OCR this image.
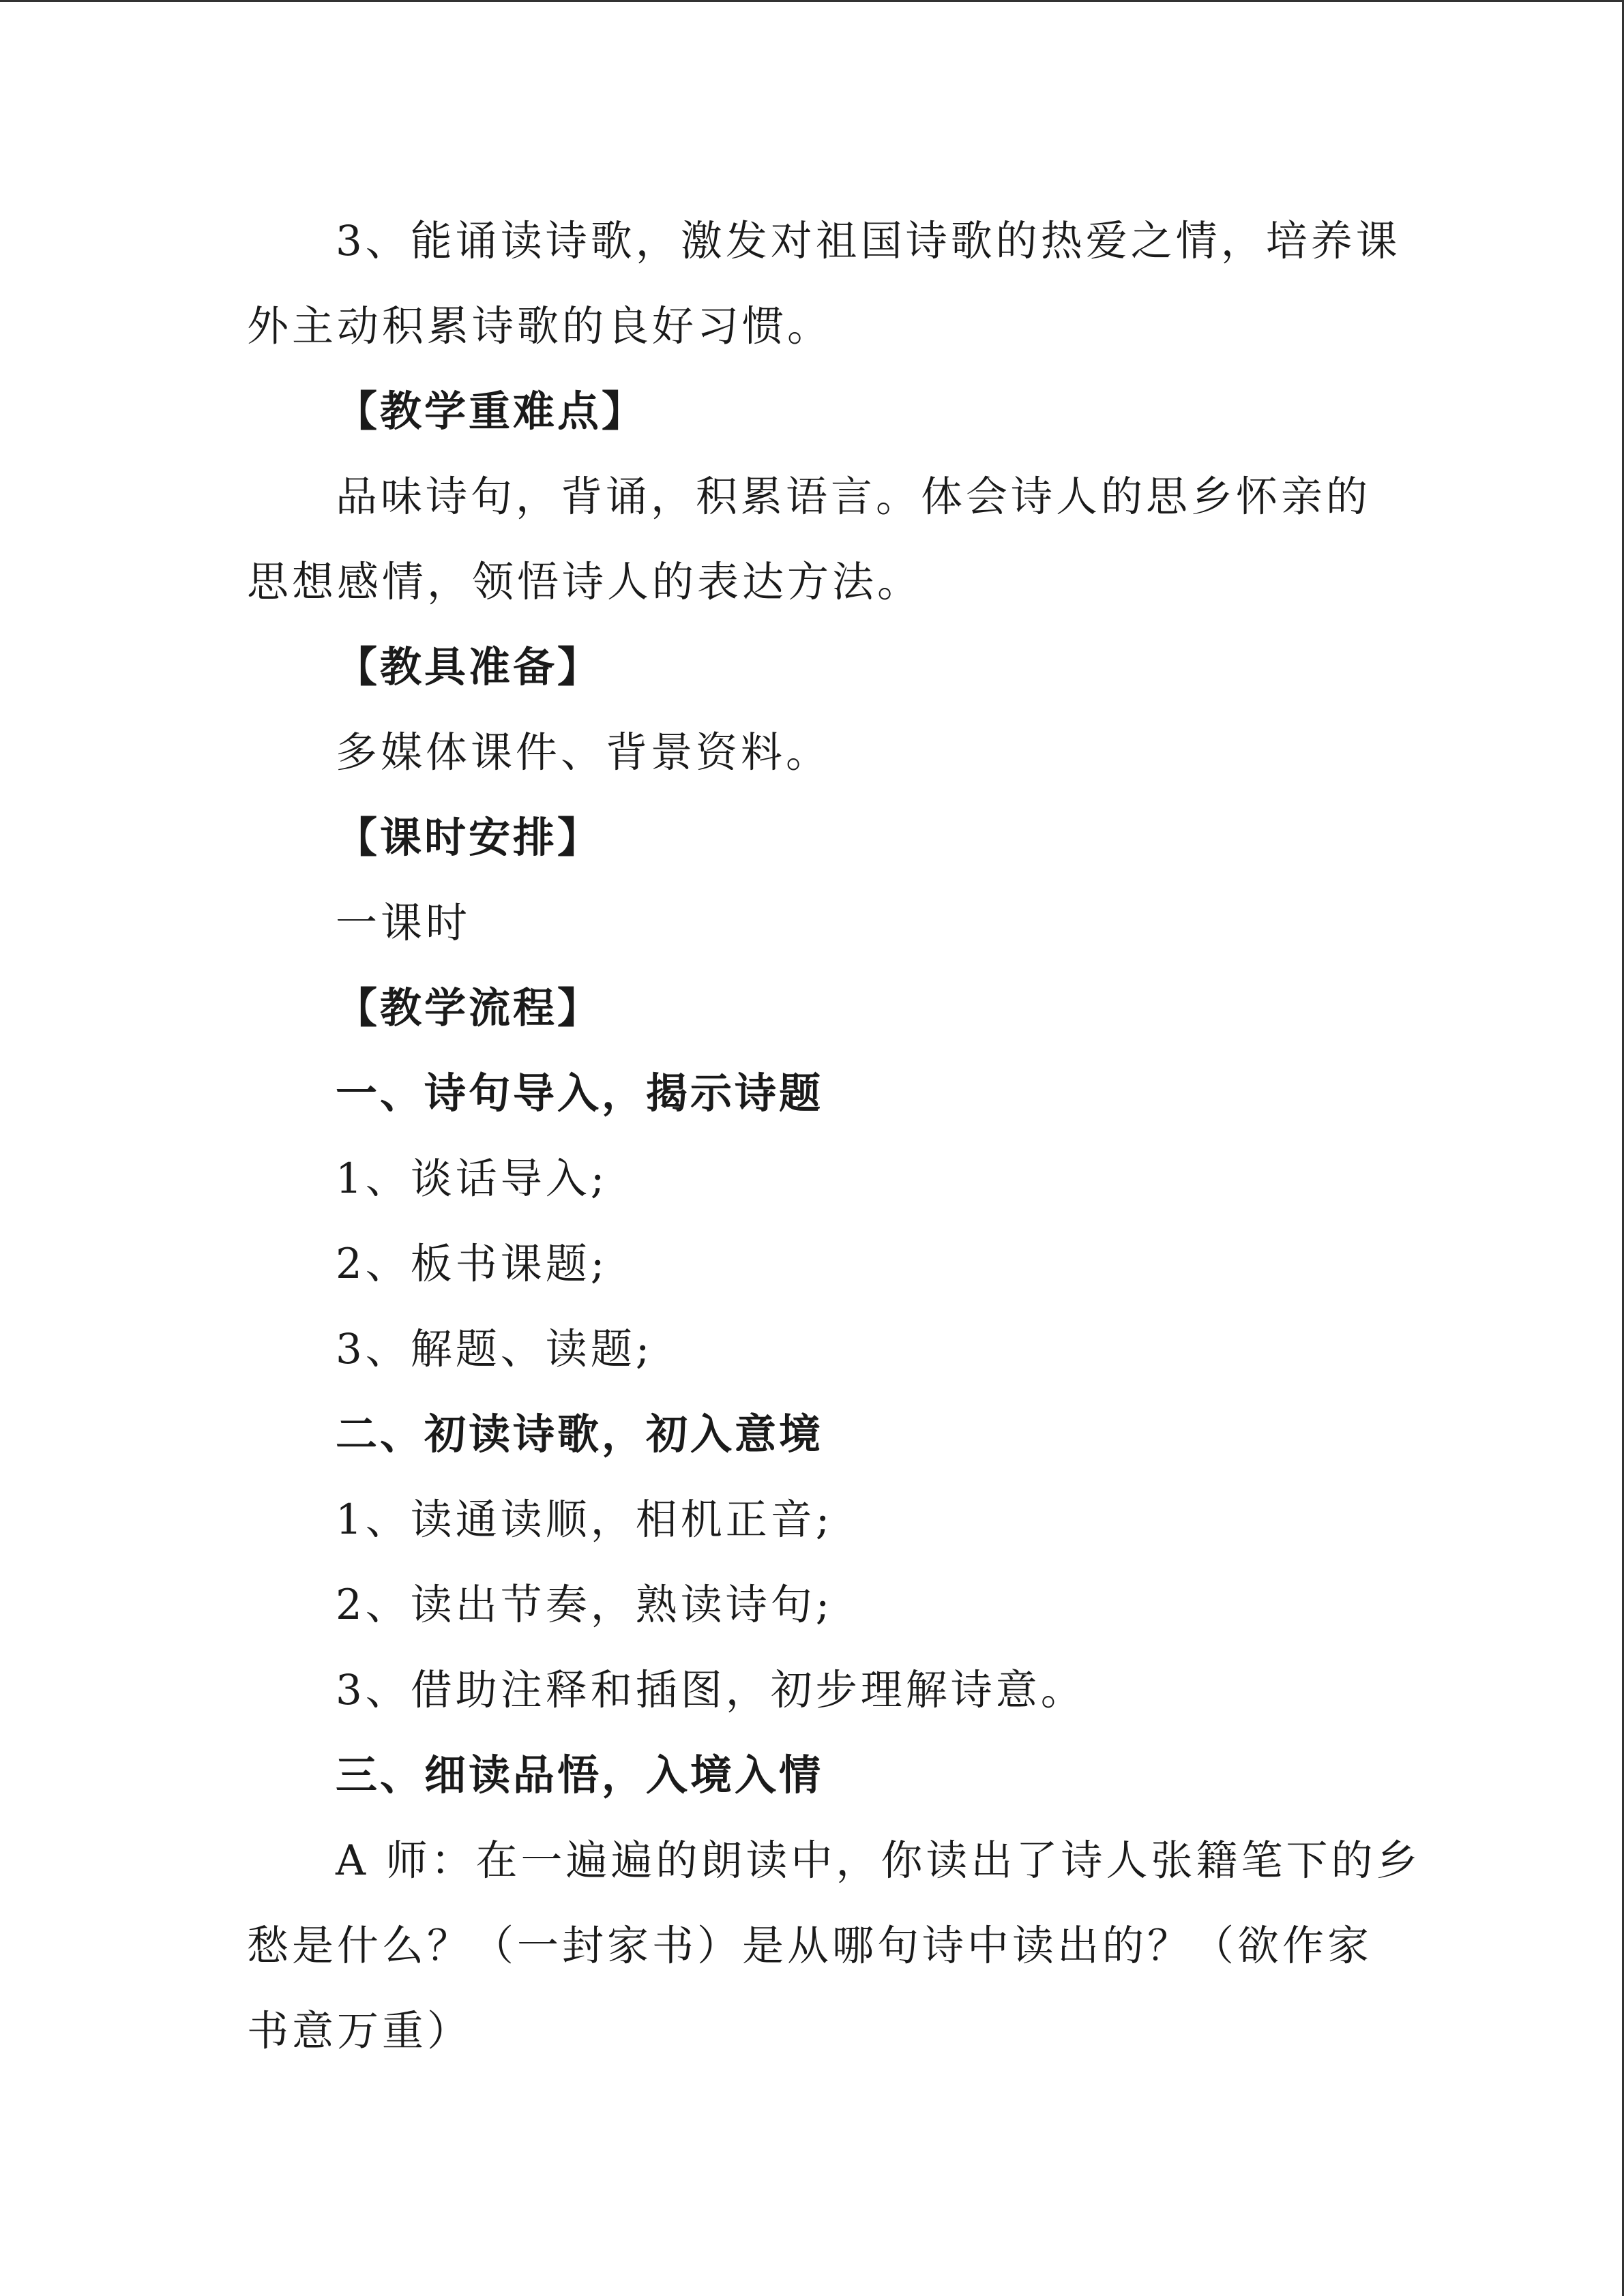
3、能诵读诗歌，激发对祖国诗歌的热爱之情，培养课
外主动积累诗歌的良好习惯。
【教学重难点】
品味诗句，背诵，积累语言。体会诗人的思乡怀亲的
思想感情，领悟诗人的表达方法。
【教具准备】
多媒体课件、背景资料。
【课时安排】
一课时
【教学流程】
一、诗句导入，揭示诗题
1、谈话导入;
2、板书课题;
3、解题、读题;
二、初读诗歌，初入意境
1、读通读顺，相机正音;
2、读出节奏，熟读诗句;
3、借助注释和插图，初步理解诗意。
三、细读品悟，入境入情
A 师：在一遍遍的朗读中，你读出了诗人张籍笔下的乡
愁是什么？（一封家书）是从哪句诗中读出的？（欲作家
书意万重）
